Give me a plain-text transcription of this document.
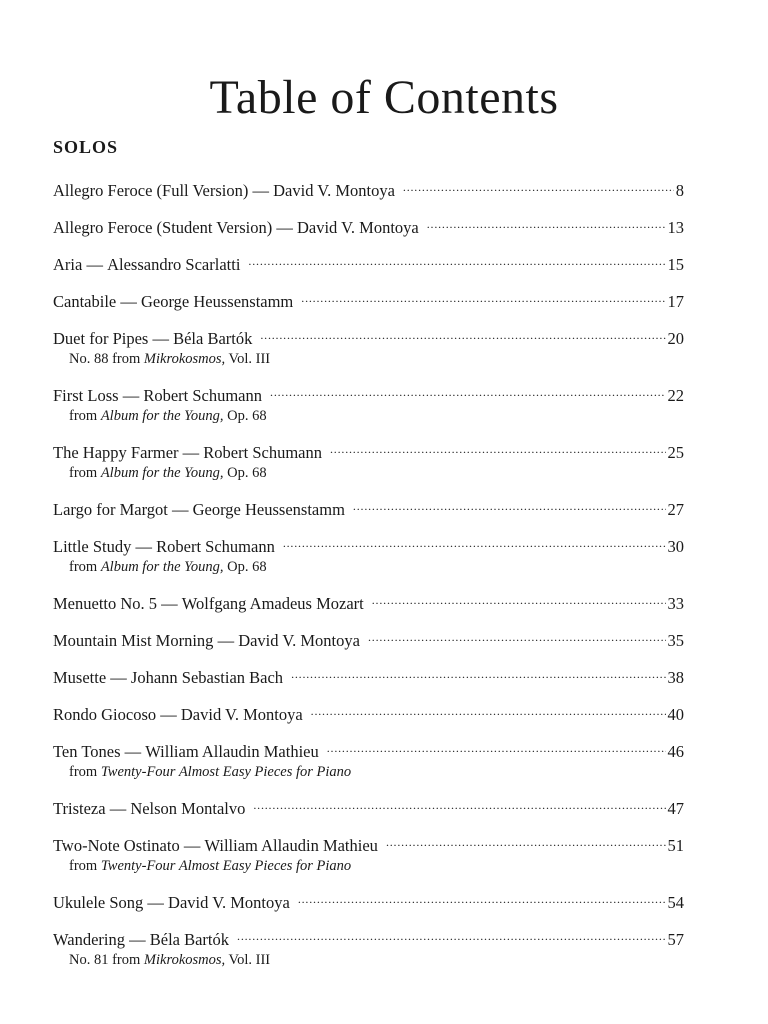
Table of Contents
SOLOS
Allegro Feroce (Full Version) — David V. Montoya .....	8
Allegro Feroce (Student Version) — David V. Montoya .....	13
Aria — Alessandro Scarlatti .....	15
Cantabile — George Heussenstamm .....	17
Duet for Pipes — Béla Bartók .....	20
No. 88 from Mikrokosmos, Vol. III
First Loss — Robert Schumann .....	22
from Album for the Young, Op. 68
The Happy Farmer — Robert Schumann .....	25
from Album for the Young, Op. 68
Largo for Margot — George Heussenstamm .....	27
Little Study — Robert Schumann .....	30
from Album for the Young, Op. 68
Menuetto No. 5 — Wolfgang Amadeus Mozart .....	33
Mountain Mist Morning — David V. Montoya .....	35
Musette — Johann Sebastian Bach .....	38
Rondo Giocoso — David V. Montoya .....	40
Ten Tones — William Allaudin Mathieu .....	46
from Twenty-Four Almost Easy Pieces for Piano
Tristeza — Nelson Montalvo .....	47
Two-Note Ostinato — William Allaudin Mathieu .....	51
from Twenty-Four Almost Easy Pieces for Piano
Ukulele Song — David V. Montoya .....	54
Wandering — Béla Bartók .....	57
No. 81 from Mikrokosmos, Vol. III
